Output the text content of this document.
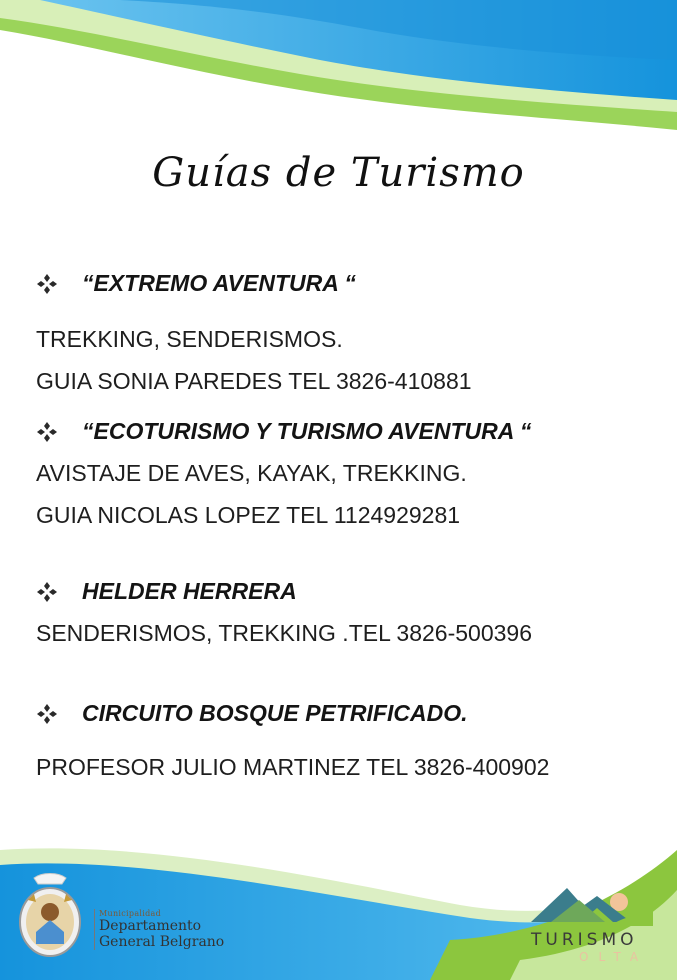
Guías de Turismo
“EXTREMO AVENTURA “
TREKKING, SENDERISMOS.
GUIA SONIA PAREDES TEL 3826-410881
“ECOTURISMO Y TURISMO AVENTURA “
AVISTAJE DE AVES, KAYAK, TREKKING.
GUIA NICOLAS LOPEZ TEL 1124929281
HELDER HERRERA
SENDERISMOS, TREKKING .TEL 3826-500396
CIRCUITO BOSQUE PETRIFICADO.
PROFESOR JULIO MARTINEZ TEL 3826-400902
Municipalidad
Departamento
General Belgrano	TURISMO
OLTA
